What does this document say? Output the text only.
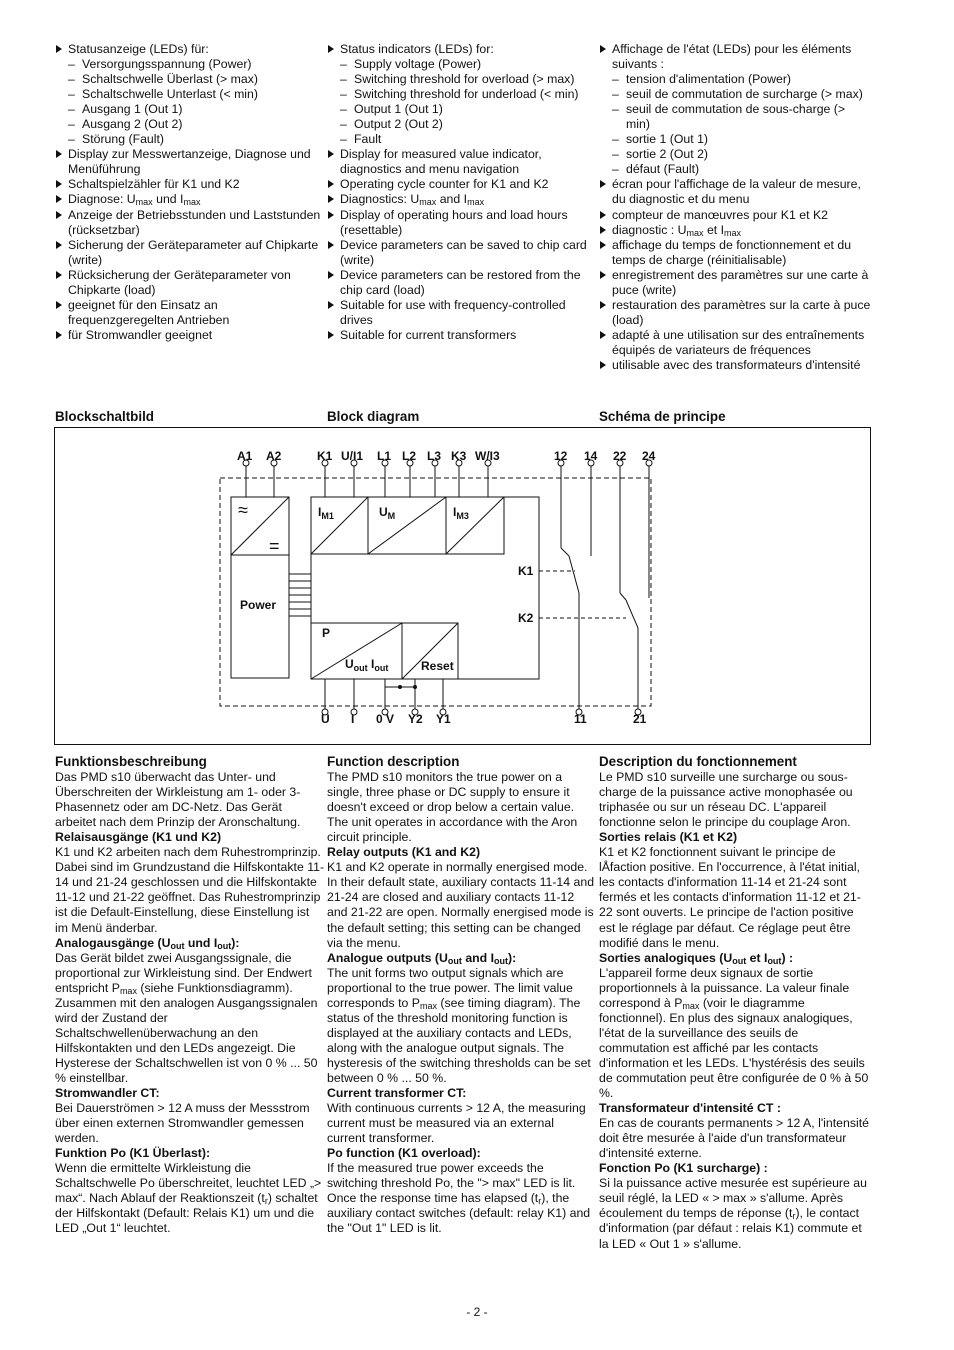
Statusanzeige (LEDs) für:
– Versorgungsspannung (Power)
– Schaltschwelle Überlast (> max)
– Schaltschwelle Unterlast (< min)
– Ausgang 1 (Out 1)
– Ausgang 2 (Out 2)
– Störung (Fault)
Display zur Messwertanzeige, Diagnose und Menüführung
Schaltspielzähler für K1 und K2
Diagnose: $U_{max}$ und $I_{max}$
Anzeige der Betriebsstunden und Laststunden (rücksetzbar)
Sicherung der Geräteparameter auf Chipkarte (write)
Rücksicherung der Geräteparameter von Chipkarte (load)
geeignet für den Einsatz an frequenzgeregelten Antrieben
für Stromwandler geeignet
Status indicators (LEDs) for:
– Supply voltage (Power)
– Switching threshold for overload (> max)
– Switching threshold for underload (< min)
– Output 1 (Out 1)
– Output 2 (Out 2)
– Fault
Display for measured value indicator, diagnostics and menu navigation
Operating cycle counter for K1 and K2
Diagnostics: $U_{max}$ and $I_{max}$
Display of operating hours and load hours (resettable)
Device parameters can be saved to chip card (write)
Device parameters can be restored from the chip card (load)
Suitable for use with frequency-controlled drives
Suitable for current transformers
Affichage de l'état (LEDs) pour les éléments suivants :
– tension d'alimentation (Power)
– seuil de commutation de surcharge (> max)
– seuil de commutation de sous-charge (> min)
– sortie 1 (Out 1)
– sortie 2 (Out 2)
– défaut (Fault)
écran pour l'affichage de la valeur de mesure, du diagnostic et du menu
compteur de manœuvres pour K1 et K2
diagnostic : $U_{max}$ et $I_{max}$
affichage du temps de fonctionnement et du temps de charge (réinitialisable)
enregistrement des paramètres sur une carte à puce (write)
restauration des paramètres sur la carte à puce (load)
adapté à une utilisation sur des entraînements équipés de variateurs de fréquences
utilisable avec des transformateurs d'intensité
Blockschaltbild	Block diagram	Schéma de principe
A1 A2	K1 U/I1 L1 L2 L3 K3 W/I3	12 14 22 24
U I 0 V Y2 Y1	11	21
Power
$I_{M1}$	$U_M$	$I_{M3}$
P
$U_{out}$ $I_{out}$	Reset
K1
K2
≈
=
Funktionsbeschreibung

Das PMD s10 überwacht das Unter- und Überschreiten der Wirkleistung am 1- oder 3-Phasennetz oder am DC-Netz. Das Gerät arbeitet nach dem Prinzip der Aronschaltung.

Relaisausgänge (K1 und K2)

K1 und K2 arbeiten nach dem Ruhestromprinzip. Dabei sind im Grundzustand die Hilfskontakte 11-14 und 21-24 geschlossen und die Hilfskontakte 11-12 und 21-22 geöffnet. Das Ruhestromprinzip ist die Default-Einstellung, diese Einstellung ist im Menü änderbar.

Analogausgänge ($U_{out}$ und $I_{out}$):

Das Gerät bildet zwei Ausgangssignale, die proportional zur Wirkleistung sind. Der Endwert entspricht $P_{max}$ (siehe Funktionsdiagramm). Zusammen mit den analogen Ausgangssignalen wird der Zustand der Schaltschwellenüberwachung an den Hilfskontakten und den LEDs angezeigt. Die Hysterese der Schaltschwellen ist von 0 % ... 50 % einstellbar.

Stromwandler CT:

Bei Dauerströmen > 12 A muss der Messstrom über einen externen Stromwandler gemessen werden.

Funktion Po (K1 Überlast):

Wenn die ermittelte Wirkleistung die Schaltschwelle Po überschreitet, leuchtet LED „> max“. Nach Ablauf der Reaktionszeit $(t_r)$ schaltet der Hilfskontakt (Default: Relais K1) um und die LED „Out 1“ leuchtet.

Function description

The PMD s10 monitors the true power on a single, three phase or DC supply to ensure it doesn't exceed or drop below a certain value. The unit operates in accordance with the Aron circuit principle.

Relay outputs (K1 and K2)

K1 and K2 operate in normally energised mode. In their default state, auxiliary contacts 11-14 and 21-24 are closed and auxiliary contacts 11-12 and 21-22 are open. Normally energised mode is the default setting; this setting can be changed via the menu.

Analogue outputs ($U_{out}$ and $I_{out}$):

The unit forms two output signals which are proportional to the true power. The limit value corresponds to $P_{max}$ (see timing diagram). The status of the threshold monitoring function is displayed at the auxiliary contacts and LEDs, along with the analogue output signals. The hysteresis of the switching thresholds can be set between 0 % ... 50 %.

Current transformer CT:

With continuous currents > 12 A, the measuring current must be measured via an external current transformer.

Po function (K1 overload):

If the measured true power exceeds the switching threshold Po, the "> max" LED is lit. Once the response time has elapsed $(t_r)$, the auxiliary contact switches (default: relay K1) and the "Out 1" LED is lit.

Description du fonctionnement

Le PMD s10 surveille une surcharge ou sous-charge de la puissance active monophasée ou triphasée ou sur un réseau DC. L'appareil fonctionne selon le principe du couplage Aron.

Sorties relais (K1 et K2)

K1 et K2 fonctionnent suivant le principe de lÅfaction positive. En l'occurrence, à l'état initial, les contacts d'information 11-14 et 21-24 sont fermés et les contacts d'information 11-12 et 21-22 sont ouverts. Le principe de l'action positive est le réglage par défaut. Ce réglage peut être modifié dans le menu.

Sorties analogiques ($U_{out}$ et $I_{out}$) :

L'appareil forme deux signaux de sortie proportionnels à la puissance. La valeur finale correspond à $P_{max}$ (voir le diagramme fonctionnel). En plus des signaux analogiques, l'état de la surveillance des seuils de commutation est affiché par les contacts d'information et les LEDs. L'hystérésis des seuils de commutation peut être configurée de 0 % à 50 %.

Transformateur d'intensité CT :

En cas de courants permanents > 12 A, l'intensité doit être mesurée à l'aide d'un transformateur d'intensité externe.

Fonction Po (K1 surcharge) :

Si la puissance active mesurée est supérieure au seuil réglé, la LED « > max » s'allume. Après écoulement du temps de réponse $(t_r)$, le contact d'information (par défaut : relais K1) commute et la LED « Out 1 » s'allume.

- 2 -
